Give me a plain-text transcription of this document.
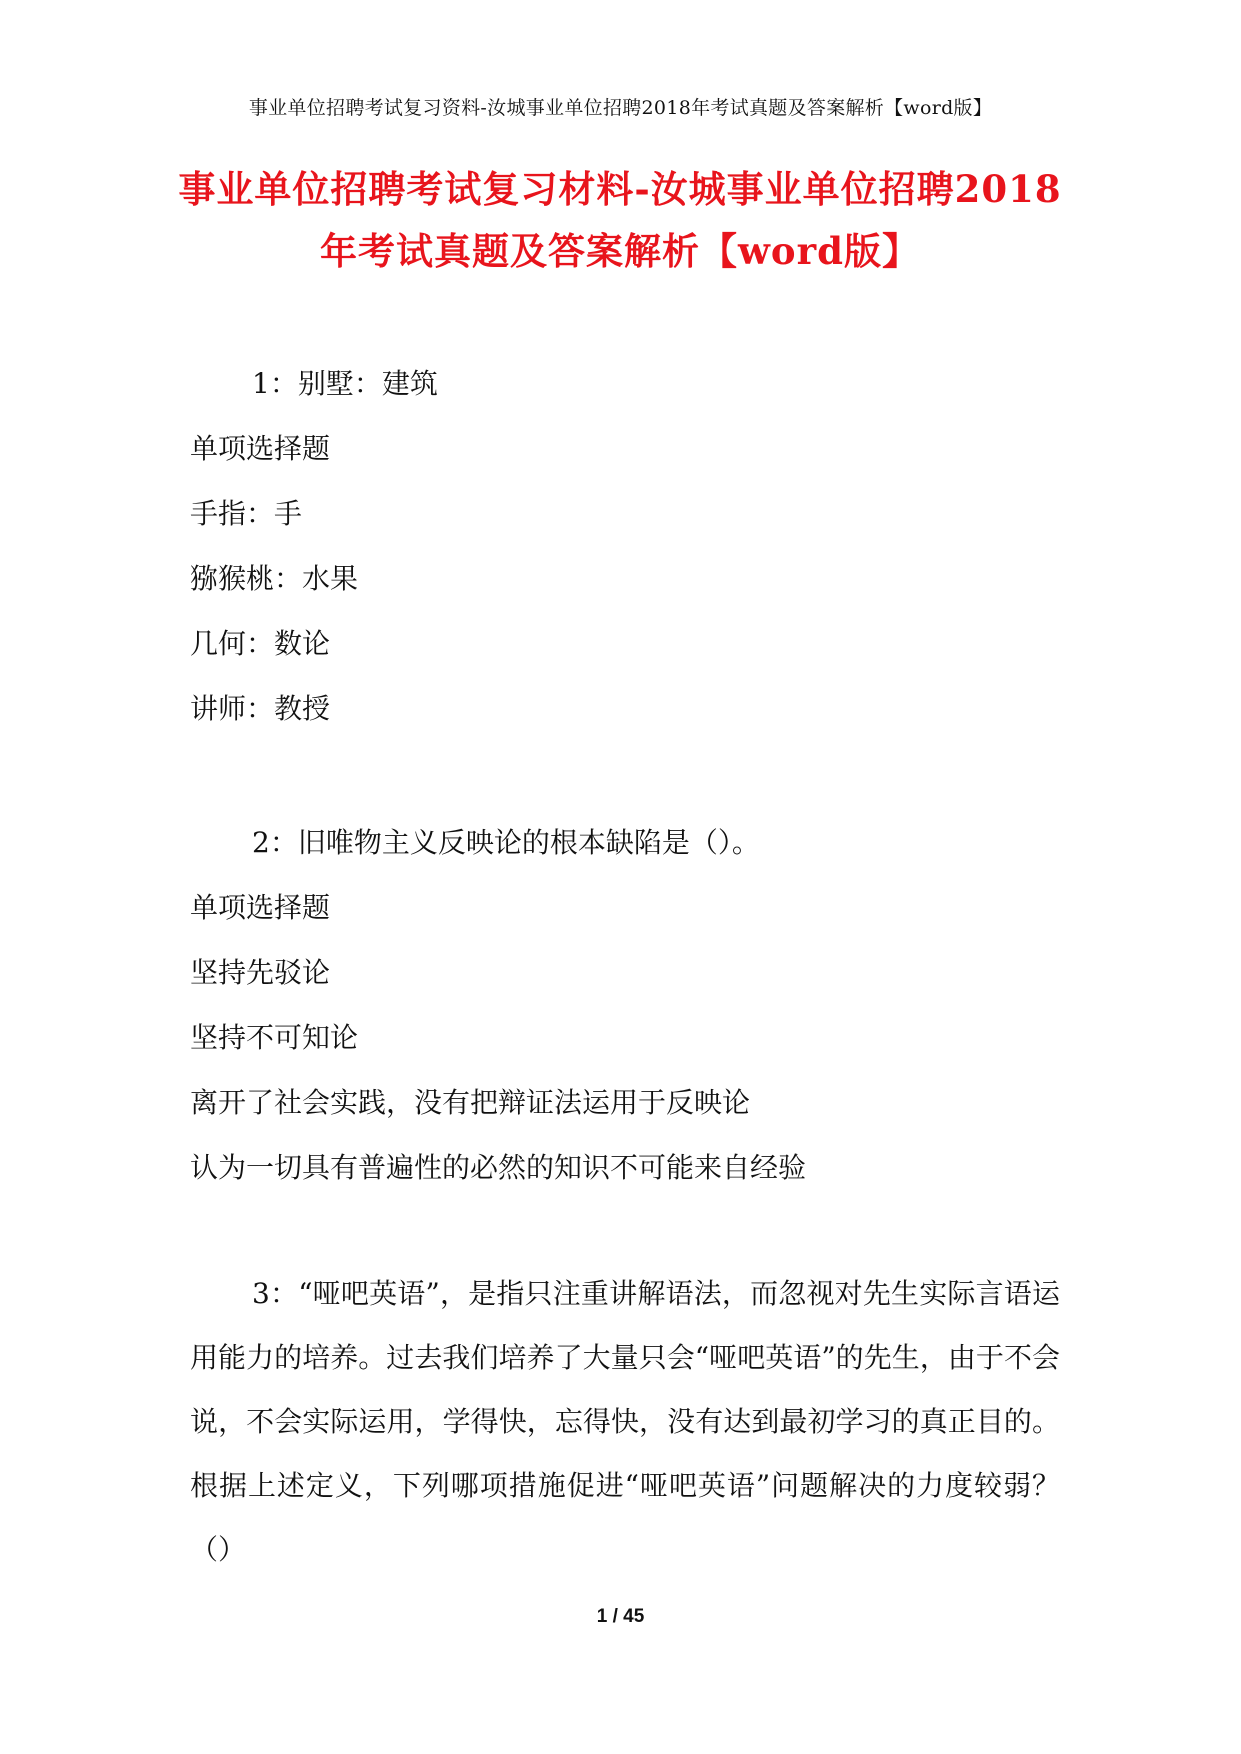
事业单位招聘考试复习资料-汝城事业单位招聘2018年考试真题及答案解析【word版】
事业单位招聘考试复习材料-汝城事业单位招聘2018年考试真题及答案解析【word版】

1：别墅：建筑

单项选择题

手指：手

猕猴桃：水果

几何：数论

讲师：教授

2：旧唯物主义反映论的根本缺陷是（）。

单项选择题

坚持先驳论

坚持不可知论

离开了社会实践，没有把辩证法运用于反映论

认为一切具有普遍性的必然的知识不可能来自经验

3：“哑吧英语”，是指只注重讲解语法，而忽视对先生实际言语运用能力的培养。过去我们培养了大量只会“哑吧英语”的先生，由于不会说，不会实际运用，学得快，忘得快，没有达到最初学习的真正目的。根据上述定义，下列哪项措施促进“哑吧英语”问题解决的力度较弱？（）

1 / 45
